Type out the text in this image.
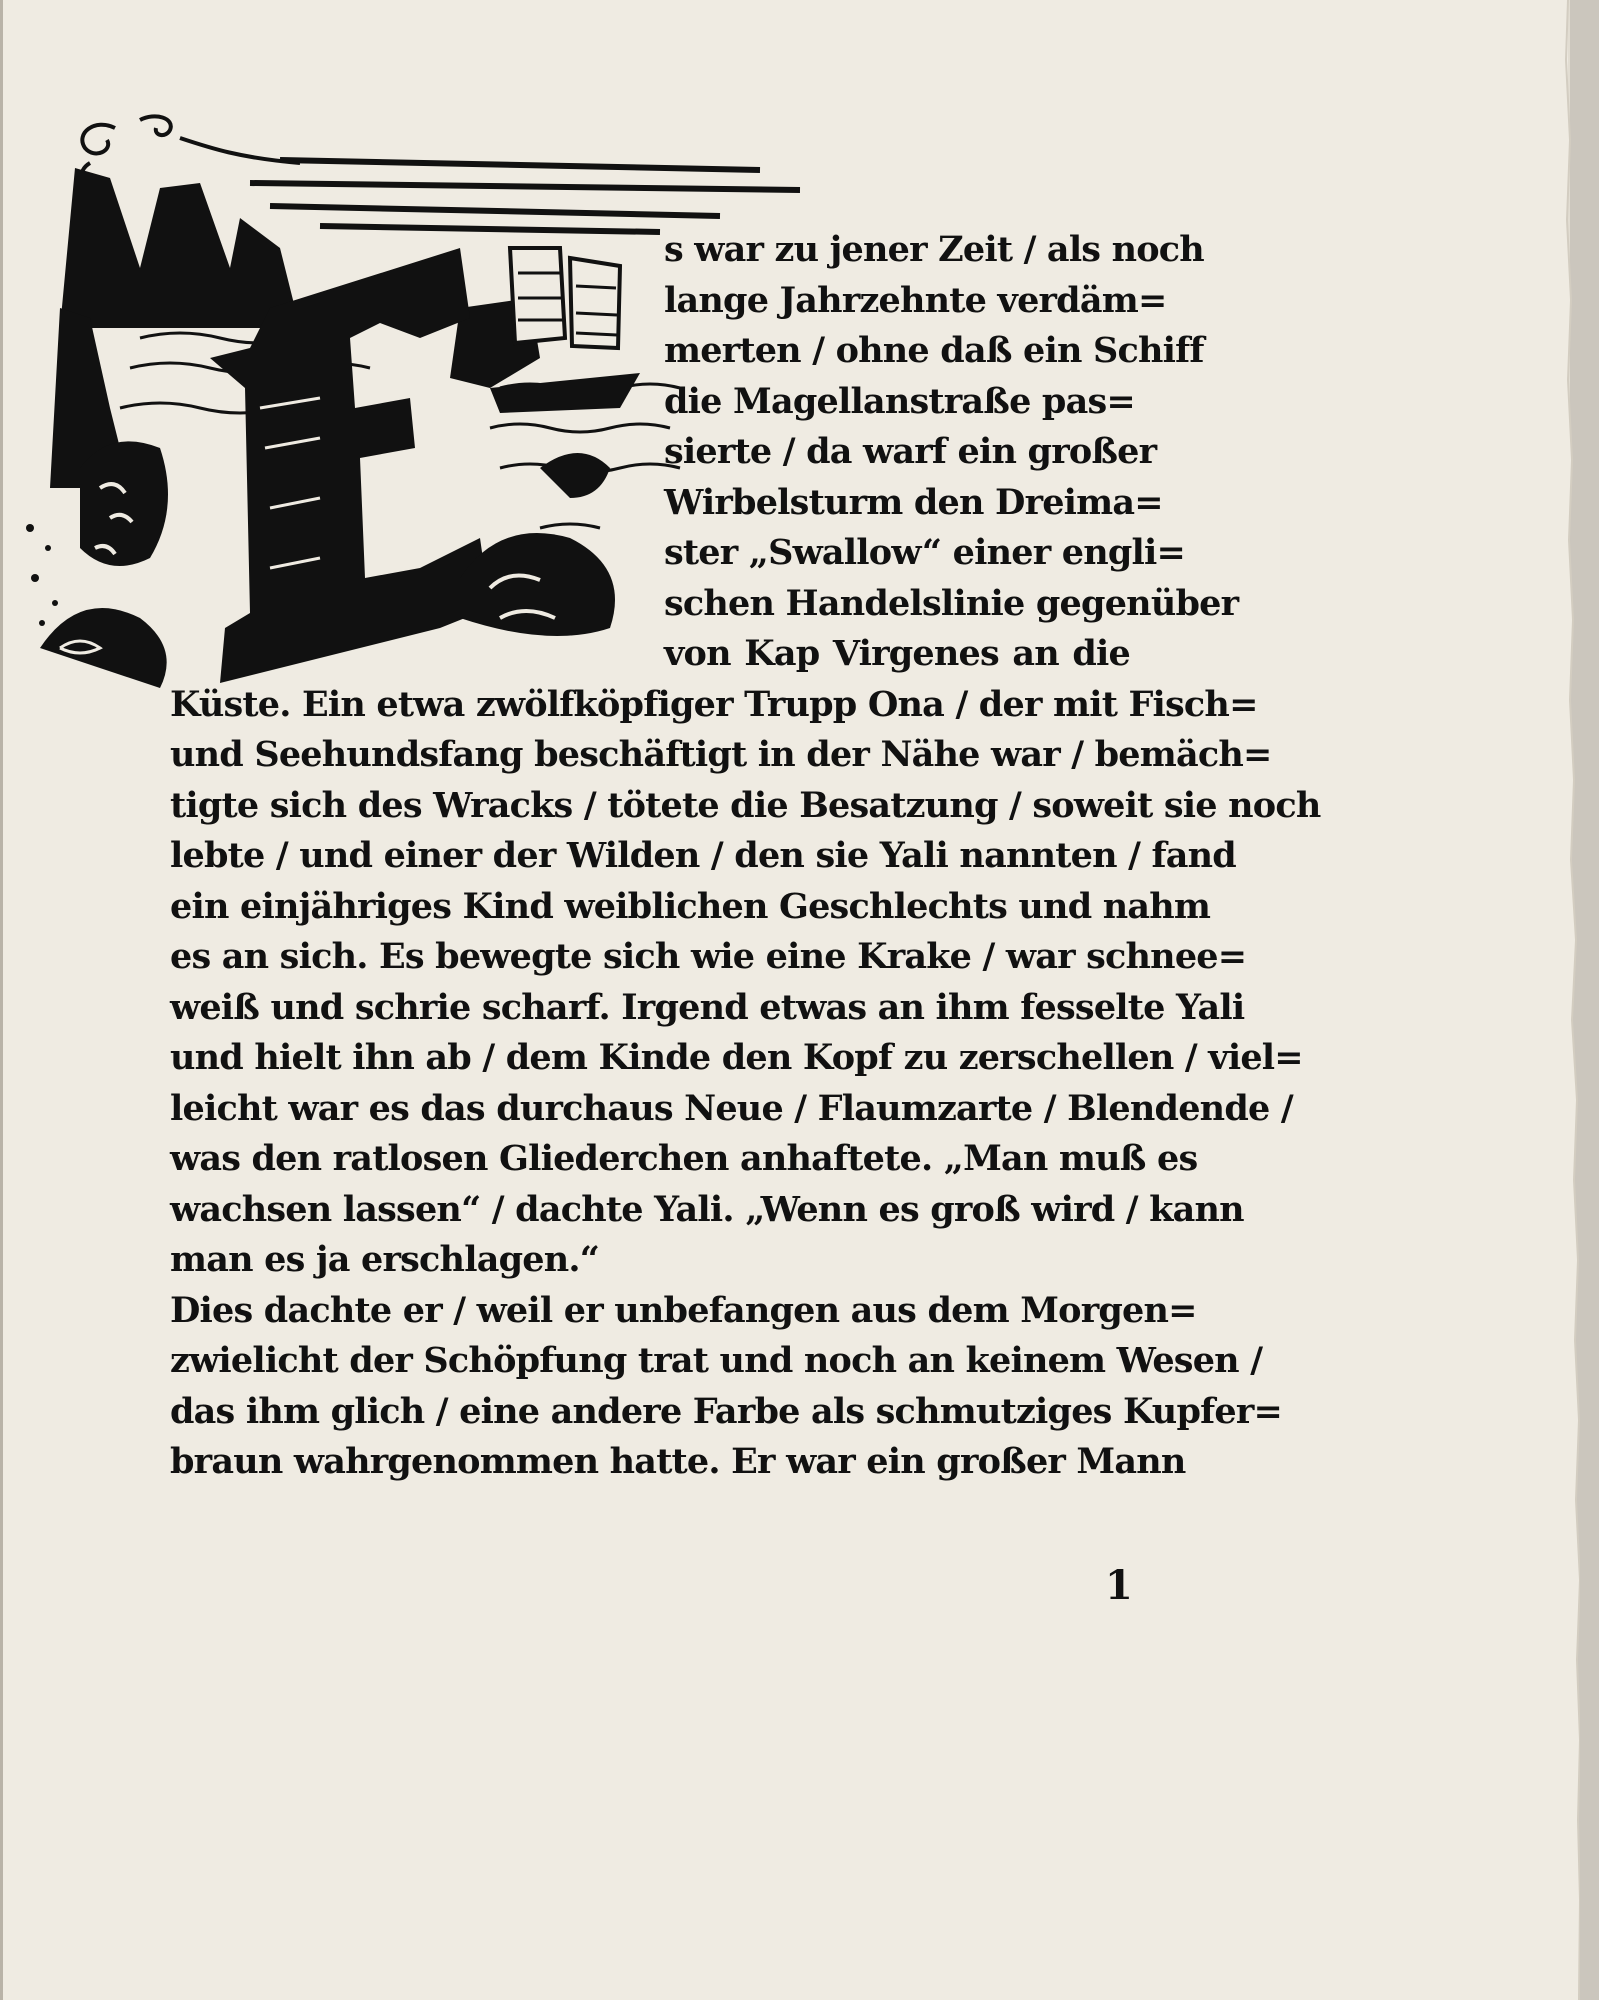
s war zu jener Zeit / als noch
lange Jahrzehnte verdäm=
merten / ohne daß ein Schiff
die Magellanstraße pas=
sierte / da warf ein großer
Wirbelsturm den Dreima=
ster „Swallow“ einer engli=
schen Handelslinie gegenüber
von Kap Virgenes an die
Küste. Ein etwa zwölfköpfiger Trupp Ona / der mit Fisch=
und Seehundsfang beschäftigt in der Nähe war / bemäch=
tigte sich des Wracks / tötete die Besatzung / soweit sie noch
lebte / und einer der Wilden / den sie Yali nannten / fand
ein einjähriges Kind weiblichen Geschlechts und nahm
es an sich. Es bewegte sich wie eine Krake / war schnee=
weiß und schrie scharf. Irgend etwas an ihm fesselte Yali
und hielt ihn ab / dem Kinde den Kopf zu zerschellen / viel=
leicht war es das durchaus Neue / Flaumzarte / Blendende /
was den ratlosen Gliederchen anhaftete. „Man muß es
wachsen lassen“ / dachte Yali. „Wenn es groß wird / kann
man es ja erschlagen.“
Dies dachte er / weil er unbefangen aus dem Morgen=
zwielicht der Schöpfung trat und noch an keinem Wesen /
das ihm glich / eine andere Farbe als schmutziges Kupfer=
braun wahrgenommen hatte. Er war ein großer Mann
1
